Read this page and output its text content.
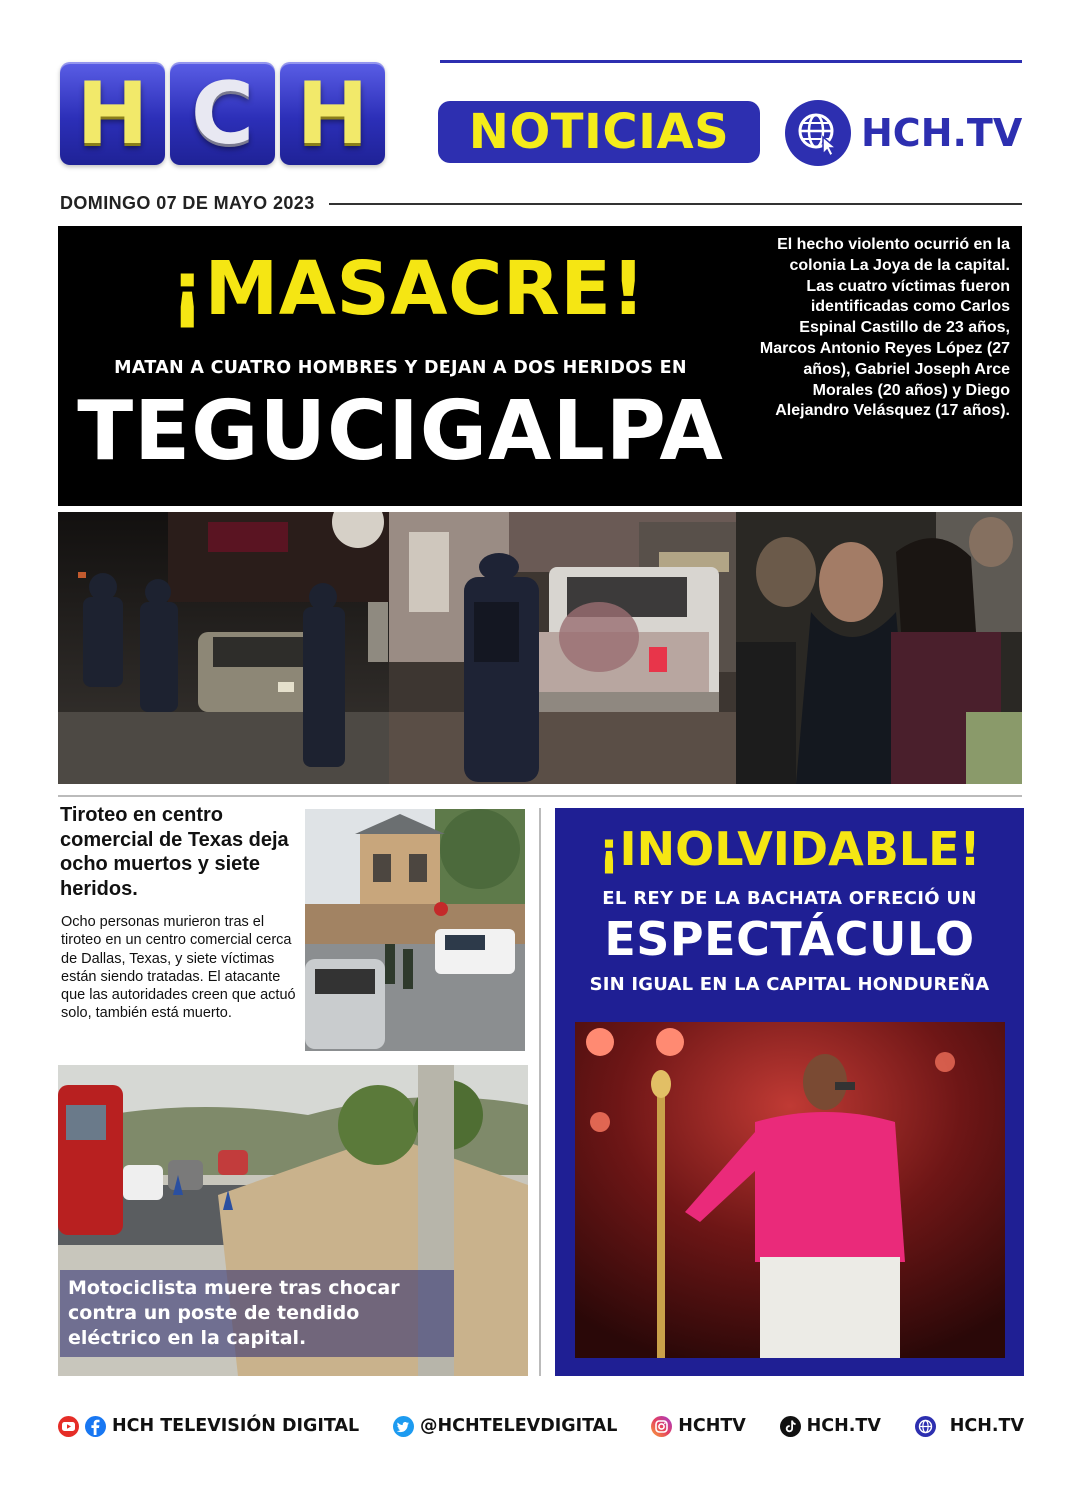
H C H NOTICIAS	HCH.TV
DOMINGO 07 DE MAYO 2023
¡MASACRE!
MATAN A CUATRO HOMBRES Y DEJAN A DOS HERIDOS EN
TEGUCIGALPA
El hecho violento ocurrió en la colonia La Joya de la capital. Las cuatro víctimas fueron identificadas como Carlos Espinal Castillo de 23 años, Marcos Antonio Reyes López (27 años), Gabriel Joseph Arce Morales (20 años) y Diego Alejandro Velásquez (17 años).
Tiroteo en centro comercial de Texas deja ocho muertos y siete heridos.
Ocho personas murieron tras el tiroteo en un centro comercial cerca de Dallas, Texas, y siete víctimas están siendo tratadas. El atacante que las autoridades creen que actuó solo, también está muerto.
Motociclista muere tras chocar contra un poste de tendido eléctrico en la capital.
¡INOLVIDABLE!
EL REY DE LA BACHATA OFRECIÓ UN
ESPECTÁCULO
SIN IGUAL EN LA CAPITAL HONDUREÑA
HCH TELEVISIÓN DIGITAL	@HCHTELEVDIGITAL	HCHTV	HCH.TV	HCH.TV
